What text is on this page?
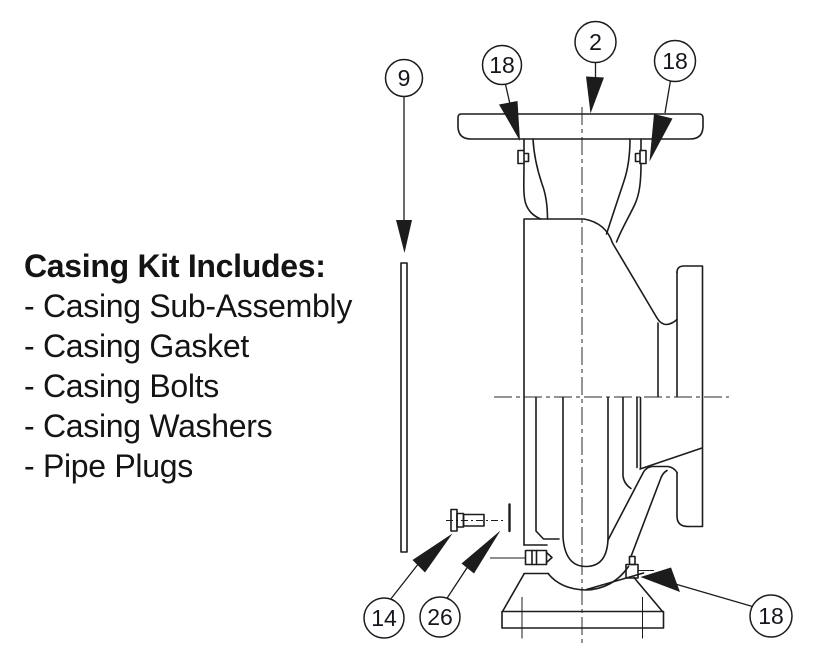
Casing Kit Includes:
- Casing Sub-Assembly
- Casing Gasket
- Casing Bolts
- Casing Washers
- Pipe Plugs
9	18
2
18
14 26	18
